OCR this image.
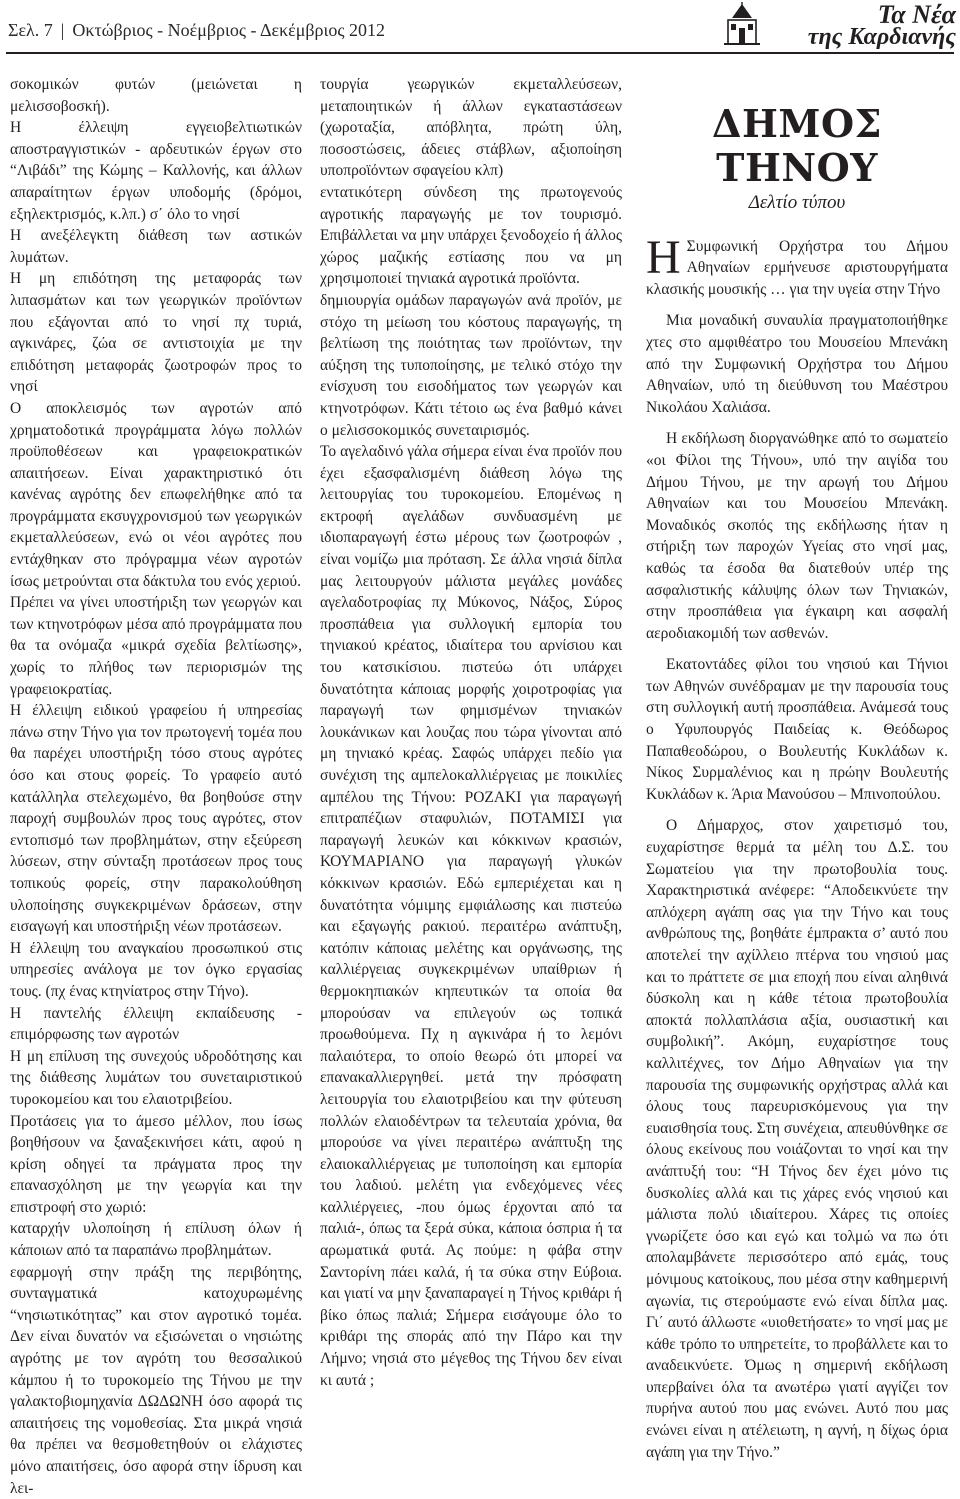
Σελ. 7 | Οκτώβριος - Νοέμβριος - Δεκέμβριος 2012
Τα Νέα
της Καρδιανής

σοκομικών φυτών (μειώνεται η μελισσοβοσκή).

Η έλλειψη εγγειοβελτιωτικών αποστραγγιστικών - αρδευτικών έργων στο “Λιβάδι” της Κώμης – Καλλονής, και άλλων απαραίτητων έργων υποδομής (δρόμοι, εξηλεκτρισμός, κ.λπ.) σ΄ όλο το νησί

Η ανεξέλεγκτη διάθεση των αστικών λυμάτων.

Η μη επιδότηση της μεταφοράς των λιπασμάτων και των γεωργικών προϊόντων που εξάγονται από το νησί πχ τυριά, αγκινάρες, ζώα σε αντιστοιχία με την επιδότηση μεταφοράς ζωοτροφών προς το νησί

Ο αποκλεισμός των αγροτών από χρηματοδοτικά προγράμματα λόγω πολλών προϋποθέσεων και γραφειοκρατικών απαιτήσεων. Είναι χαρακτηριστικό ότι κανένας αγρότης δεν επωφελήθηκε από τα προγράμματα εκσυγχρονισμού των γεωργικών εκμεταλλεύσεων, ενώ οι νέοι αγρότες που εντάχθηκαν στο πρόγραμμα νέων αγροτών ίσως μετρούνται στα δάκτυλα του ενός χεριού.

Πρέπει να γίνει υποστήριξη των γεωργών και των κτηνοτρόφων μέσα από προγράμματα που θα τα ονόμαζα «μικρά σχεδία βελτίωσης», χωρίς το πλήθος των περιορισμών της γραφειοκρατίας.

Η έλλειψη ειδικού γραφείου ή υπηρεσίας πάνω στην Τήνο για τον πρωτογενή τομέα που θα παρέχει υποστήριξη τόσο στους αγρότες όσο και στους φορείς. Το γραφείο αυτό κατάλληλα στελεχωμένο, θα βοηθούσε στην παροχή συμβουλών προς τους αγρότες, στον εντοπισμό των προβλημάτων, στην εξεύρεση λύσεων, στην σύνταξη προτάσεων προς τους τοπικούς φορείς, στην παρακολούθηση υλοποίησης συγκεκριμένων δράσεων, στην εισαγωγή και υποστήριξη νέων προτάσεων.

Η έλλειψη του αναγκαίου προσωπικού στις υπηρεσίες ανάλογα με τον όγκο εργασίας τους. (πχ ένας κτηνίατρος στην Τήνο).

Η παντελής έλλειψη εκπαίδευσης - επιμόρφωσης των αγροτών

Η μη επίλυση της συνεχούς υδροδότησης και της διάθεσης λυμάτων του συνεταιριστικού τυροκομείου και του ελαιοτριβείου.

Προτάσεις για το άμεσο μέλλον, που ίσως βοηθήσουν να ξαναξεκινήσει κάτι, αφού η κρίση οδηγεί τα πράγματα προς την επανασχόληση με την γεωργία και την επιστροφή στο χωριό:

καταρχήν υλοποίηση ή επίλυση όλων ή κάποιων από τα παραπάνω προβλημάτων.

εφαρμογή στην πράξη της περιβόητης, συνταγματικά κατοχυρωμένης “νησιωτικότητας” και στον αγροτικό τομέα. Δεν είναι δυνατόν να εξισώνεται ο νησιώτης αγρότης με τον αγρότη του θεσσαλικού κάμπου ή το τυροκομείο της Τήνου με την γαλακτοβιομηχανία ΔΩΔΩΝΗ όσο αφορά τις απαιτήσεις της νομοθεσίας. Στα μικρά νησιά θα πρέπει να θεσμοθετηθούν οι ελάχιστες μόνο απαιτήσεις, όσο αφορά στην ίδρυση και λει-

τουργία γεωργικών εκμεταλλεύσεων, μεταποιητικών ή άλλων εγκαταστάσεων (χωροταξία, απόβλητα, πρώτη ύλη, ποσοστώσεις, άδειες στάβλων, αξιοποίηση υποπροϊόντων σφαγείου κλπ)

εντατικότερη σύνδεση της πρωτογενούς αγροτικής παραγωγής με τον τουρισμό. Επιβάλλεται να μην υπάρχει ξενοδοχείο ή άλλος χώρος μαζικής εστίασης που να μη χρησιμοποιεί τηνιακά αγροτικά προϊόντα.

δημιουργία ομάδων παραγωγών ανά προϊόν, με στόχο τη μείωση του κόστους παραγωγής, τη βελτίωση της ποιότητας των προϊόντων, την αύξηση της τυποποίησης, με τελικό στόχο την ενίσχυση του εισοδήματος των γεωργών και κτηνοτρόφων. Κάτι τέτοιο ως ένα βαθμό κάνει ο μελισσοκομικός συνεταιρισμός.

Το αγελαδινό γάλα σήμερα είναι ένα προϊόν που έχει εξασφαλισμένη διάθεση λόγω της λειτουργίας του τυροκομείου. Επομένως η εκτροφή αγελάδων συνδυασμένη με ιδιοπαραγωγή έστω μέρους των ζωοτροφών , είναι νομίζω μια πρόταση. Σε άλλα νησιά δίπλα μας λειτουργούν μάλιστα μεγάλες μονάδες αγελαδοτροφίας πχ Μύκονος, Νάξος, Σύρος προσπάθεια για συλλογική εμπορία του τηνιακού κρέατος, ιδιαίτερα του αρνίσιου και του κατσικίσιου. πιστεύω ότι υπάρχει δυνατότητα κάποιας μορφής χοιροτροφίας για παραγωγή των φημισμένων τηνιακών λουκάνικων και λουζας πoυ τώρα γίνονται από μη τηνιακό κρέας. Σαφώς υπάρχει πεδίο για συνέχιση της αμπελοκαλλιέργειας με ποικιλίες αμπέλου της Τήνου: ΡΟΖΑΚΙ για παραγωγή επιτραπέζιων σταφυλιών, ΠΟΤΑΜΙΣΙ για παραγωγή λευκών και κόκκινων κρασιών, ΚΟΥΜΑΡΙΑΝΟ για παραγωγή γλυκών κόκκινων κρασιών. Εδώ εμπεριέχεται και η δυνατότητα νόμιμης εμφιάλωσης και πιστεύω και εξαγωγής ρακιού. περαιτέρω ανάπτυξη, κατόπιν κάποιας μελέτης και οργάνωσης, της καλλιέργειας συγκεκριμένων υπαίθριων ή θερμοκηπιακών κηπευτικών τα οποία θα μπορούσαν να επιλεγούν ως τοπικά προωθούμενα. Πχ η αγκινάρα ή το λεμόνι παλαιότερα, το οποίο θεωρώ ότι μπορεί να επανακαλλιεργηθεί. μετά την πρόσφατη λειτουργία του ελαιοτριβείου και την φύτευση πολλών ελαιοδέντρων τα τελευταία χρόνια, θα μπορούσε να γίνει περαιτέρω ανάπτυξη της ελαιοκαλλιέργειας με τυποποίηση και εμπορία του λαδιού. μελέτη για ενδεχόμενες νέες καλλιέργειες, -που όμως έρχονται από τα παλιά-, όπως τα ξερά σύκα, κάποια όσπρια ή τα αρωματικά φυτά. Ας πούμε: η φάβα στην Σαντορίνη πάει καλά, ή τα σύκα στην Εύβοια. και γιατί να μην ξαναπαραγεί η Τήνος κριθάρι ή βίκο όπως παλιά; Σήμερα εισάγουμε όλο το κριθάρι της σποράς από την Πάρο και την Λήμνο; νησιά στο μέγεθος της Τήνου δεν είναι κι αυτά ;

ΔΗΜΟΣ ΤΗΝΟΥ
Δελτίο τύπου

Η Συμφωνική Ορχήστρα του Δήμου Αθηναίων ερμήνευσε αριστουργήματα κλασικής μουσικής … για την υγεία στην Τήνο

Μια μοναδική συναυλία πραγματοποιήθηκε χτες στο αμφιθέατρο του Μουσείου Μπενάκη από την Συμφωνική Ορχήστρα του Δήμου Αθηναίων, υπό τη διεύθυνση του Μαέστρου Νικολάου Χαλιάσα.

Η εκδήλωση διοργανώθηκε από το σωματείο «οι Φίλοι της Τήνου», υπό την αιγίδα του Δήμου Τήνου, με την αρωγή του Δήμου Αθηναίων και του Μουσείου Μπενάκη. Μοναδικός σκοπός της εκδήλωσης ήταν η στήριξη των παροχών Υγείας στο νησί μας, καθώς τα έσοδα θα διατεθούν υπέρ της ασφαλιστικής κάλυψης όλων των Τηνιακών, στην προσπάθεια για έγκαιρη και ασφαλή αεροδιακομιδή των ασθενών.

Εκατοντάδες φίλοι του νησιού και Τήνιοι των Αθηνών συνέδραμαν με την παρουσία τους στη συλλογική αυτή προσπάθεια. Ανάμεσά τους ο Υφυπουργός Παιδείας κ. Θεόδωρος Παπαθεοδώρου, ο Βουλευτής Κυκλάδων κ. Νίκος Συρμαλένιος και η πρώην Βουλευτής Κυκλάδων κ. Άρια Μανούσου – Μπινοπούλου.

Ο Δήμαρχος, στον χαιρετισμό του, ευχαρίστησε θερμά τα μέλη του Δ.Σ. του Σωματείου για την πρωτοβουλία τους. Χαρακτηριστικά ανέφερε: “Αποδεικνύετε την απλόχερη αγάπη σας για την Τήνο και τους ανθρώπους της, βοηθάτε έμπρακτα σ’ αυτό που αποτελεί την αχίλλειο πτέρνα του νησιού μας και το πράττετε σε μια εποχή που είναι αληθινά δύσκολη και η κάθε τέτοια πρωτοβουλία αποκτά πολλαπλάσια αξία, ουσιαστική και συμβολική”. Ακόμη, ευχαρίστησε τους καλλιτέχνες, τον Δήμο Αθηναίων για την παρουσία της συμφωνικής ορχήστρας αλλά και όλους τους παρευρισκόμενους για την ευαισθησία τους. Στη συνέχεια, απευθύνθηκε σε όλους εκείνους που νοιάζονται το νησί και την ανάπτυξή του: “Η Τήνος δεν έχει μόνο τις δυσκολίες αλλά και τις χάρες ενός νησιού και μάλιστα πολύ ιδιαίτερου. Χάρες τις οποίες γνωρίζετε όσο και εγώ και τολμώ να πω ότι απολαμβάνετε περισσότερο από εμάς, τους μόνιμους κατοίκους, που μέσα στην καθημερινή αγωνία, τις στερούμαστε ενώ είναι δίπλα μας. Γι΄ αυτό άλλωστε «υιοθετήσατε» το νησί μας με κάθε τρόπο το υπηρετείτε, το προβάλλετε και το αναδεικνύετε. Όμως η σημερινή εκδήλωση υπερβαίνει όλα τα ανωτέρω γιατί αγγίζει τον πυρήνα αυτού που μας ενώνει. Αυτό που μας ενώνει είναι η ατέλειωτη, η αγνή, η δίχως όρια αγάπη για την Τήνο.”
